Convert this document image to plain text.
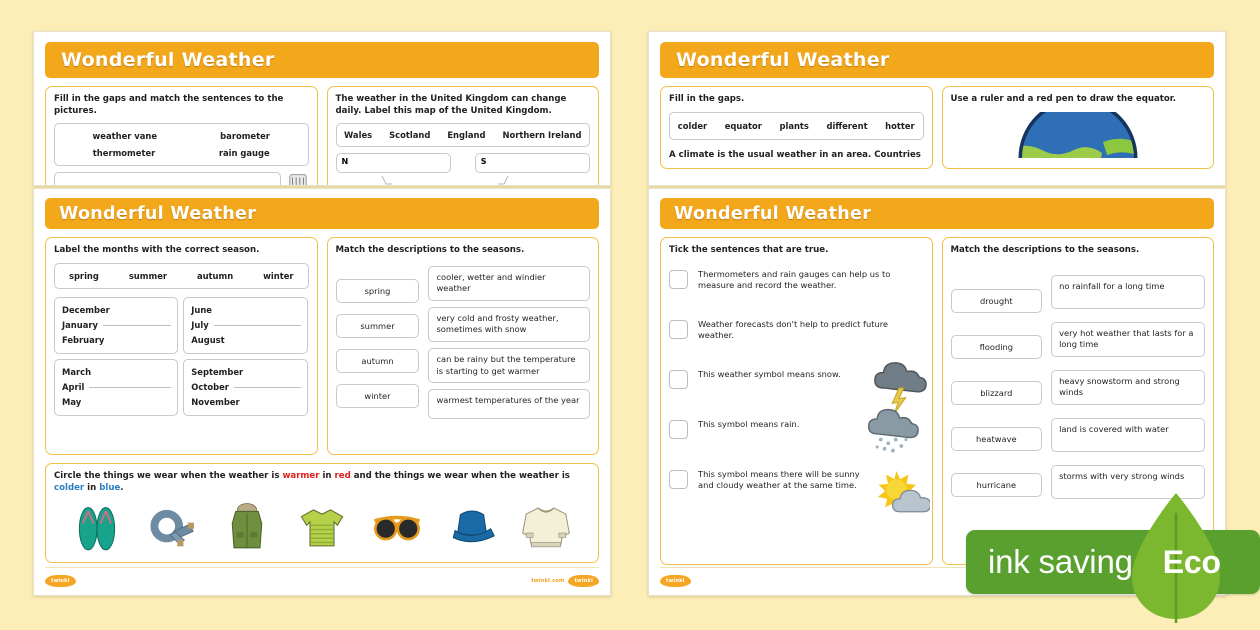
Wonderful Weather
Fill in the gaps and match the sentences to the pictures.
weather vane	barometer
thermometer	rain gauge
The weather in the United Kingdom can change daily. Label this map of the United Kingdom.
Wales Scotland England Northern Ireland
N	S
Wonderful Weather
Fill in the gaps.
colder equator plants different hotter
A climate is the usual weather in an area. Countries
Use a ruler and a red pen to draw the equator.
Wonderful Weather
Label the months with the correct season.
spring	summer	autumn	winter
December
January
February
June
July
August
March
April
May
September
October
November
Match the descriptions to the seasons.
spring
summer
autumn
winter
cooler, wetter and windier weather
very cold and frosty weather, sometimes with snow
can be rainy but the temperature is starting to get warmer
warmest temperatures of the year
Circle the things we wear when the weather is warmer in red and the things we wear when the weather is colder in blue.
twinkl	twinkl.com	twinkl
Wonderful Weather
Tick the sentences that are true.
Thermometers and rain gauges can help us to measure and record the weather.
Weather forecasts don't help to predict future weather.
This weather symbol means snow.
This symbol means rain.
This symbol means there will be sunny and cloudy weather at the same time.
Match the descriptions to the seasons.
drought
flooding
blizzard
heatwave
hurricane
no rainfall for a long time
very hot weather that lasts for a long time
heavy snowstorm and strong winds
land is covered with water
storms with very strong winds
twinkl
ink saving Eco
